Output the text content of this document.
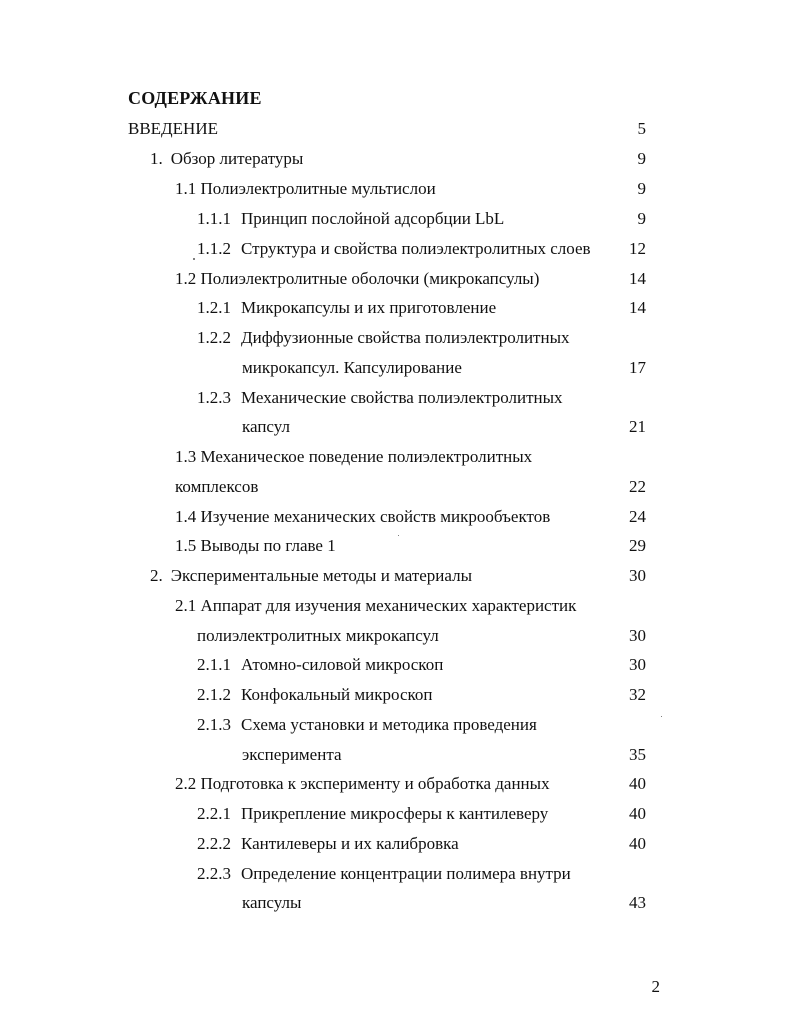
СОДЕРЖАНИЕ
ВВЕДЕНИЕ	5
1. Обзор литературы	9
1.1 Полиэлектролитные мультислои	9
1.1.1 Принцип послойной адсорбции LbL	9
1.1.2 Структура и свойства полиэлектролитных слоев	12
1.2 Полиэлектролитные оболочки (микрокапсулы)	14
1.2.1 Микрокапсулы и их приготовление	14
1.2.2 Диффузионные свойства полиэлектролитных
микрокапсул. Капсулирование	17
1.2.3 Механические свойства полиэлектролитных
капсул	21
1.3 Механическое поведение полиэлектролитных
комплексов	22
1.4 Изучение механических свойств микрообъектов	24
1.5 Выводы по главе 1	29
2. Экспериментальные методы и материалы	30
2.1 Аппарат для изучения механических характеристик
полиэлектролитных микрокапсул	30
2.1.1 Атомно-силовой микроскоп	30
2.1.2 Конфокальный микроскоп	32
2.1.3 Схема установки и методика проведения
эксперимента	35
2.2 Подготовка к эксперименту и обработка данных	40
2.2.1 Прикрепление микросферы к кантилеверу	40
2.2.2 Кантилеверы и их калибровка	40
2.2.3 Определение концентрации полимера внутри
капсулы	43
2
